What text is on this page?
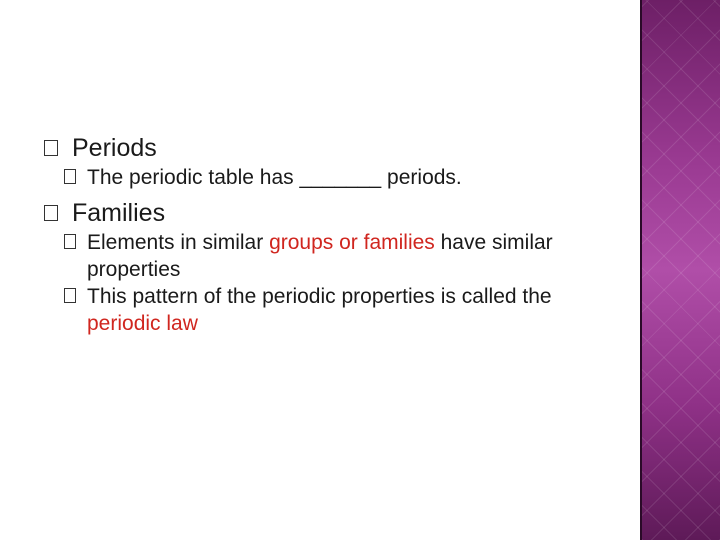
Periods
The periodic table has _______ periods.
Families
Elements in similar groups or families have similar properties
This pattern of the periodic properties is called the periodic law
